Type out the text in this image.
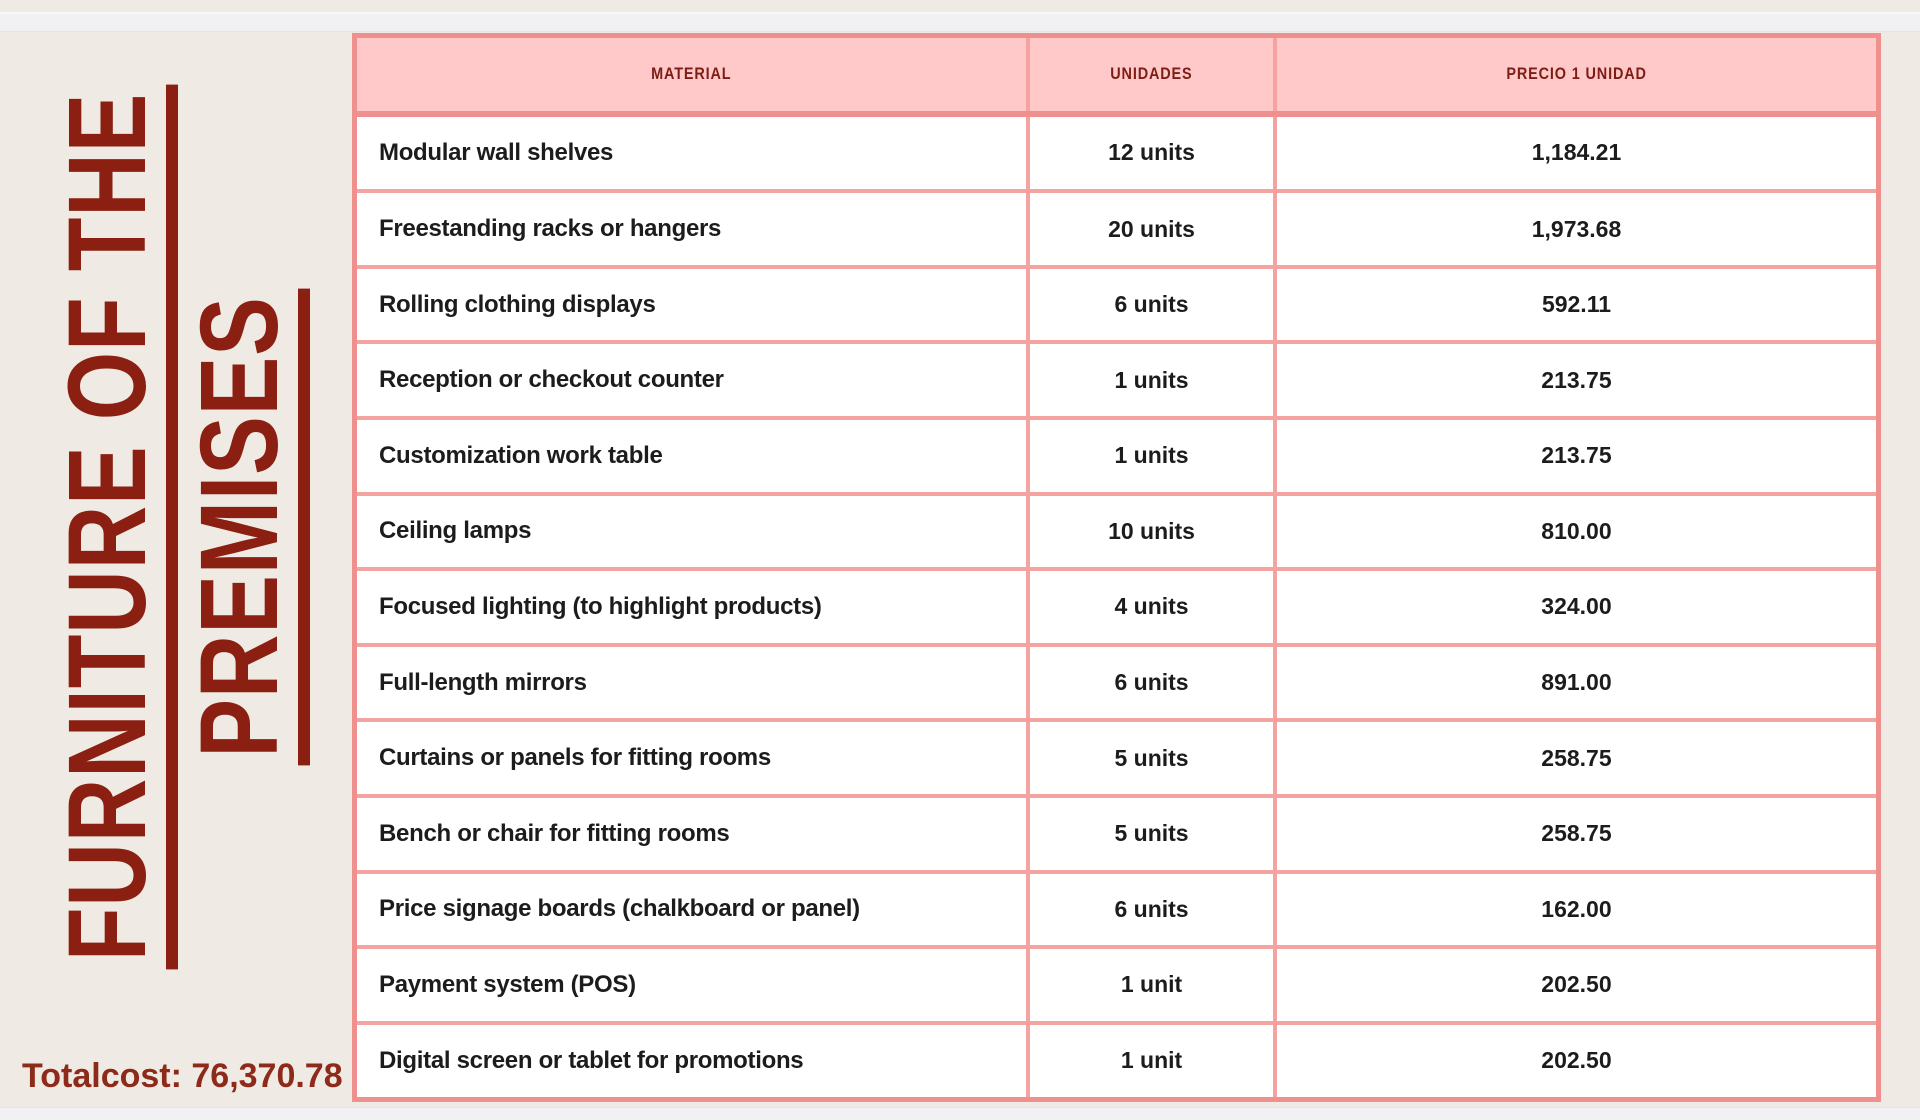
FURNITURE OF THE PREMISES
MATERIAL	UNIDADES	PRECIO 1 UNIDAD
Modular wall shelves	12 units	1,184.21
Freestanding racks or hangers	20 units	1,973.68
Rolling clothing displays	6 units	592.11
Reception or checkout counter	1 units	213.75
Customization work table	1 units	213.75
Ceiling lamps	10 units	810.00
Focused lighting (to highlight products)	4 units	324.00
Full-length mirrors	6 units	891.00
Curtains or panels for fitting rooms	5 units	258.75
Bench or chair for fitting rooms	5 units	258.75
Price signage boards (chalkboard or panel)	6 units	162.00
Payment system (POS)	1 unit	202.50
Digital screen or tablet for promotions	1 unit	202.50
Totalcost: 76,370.78
